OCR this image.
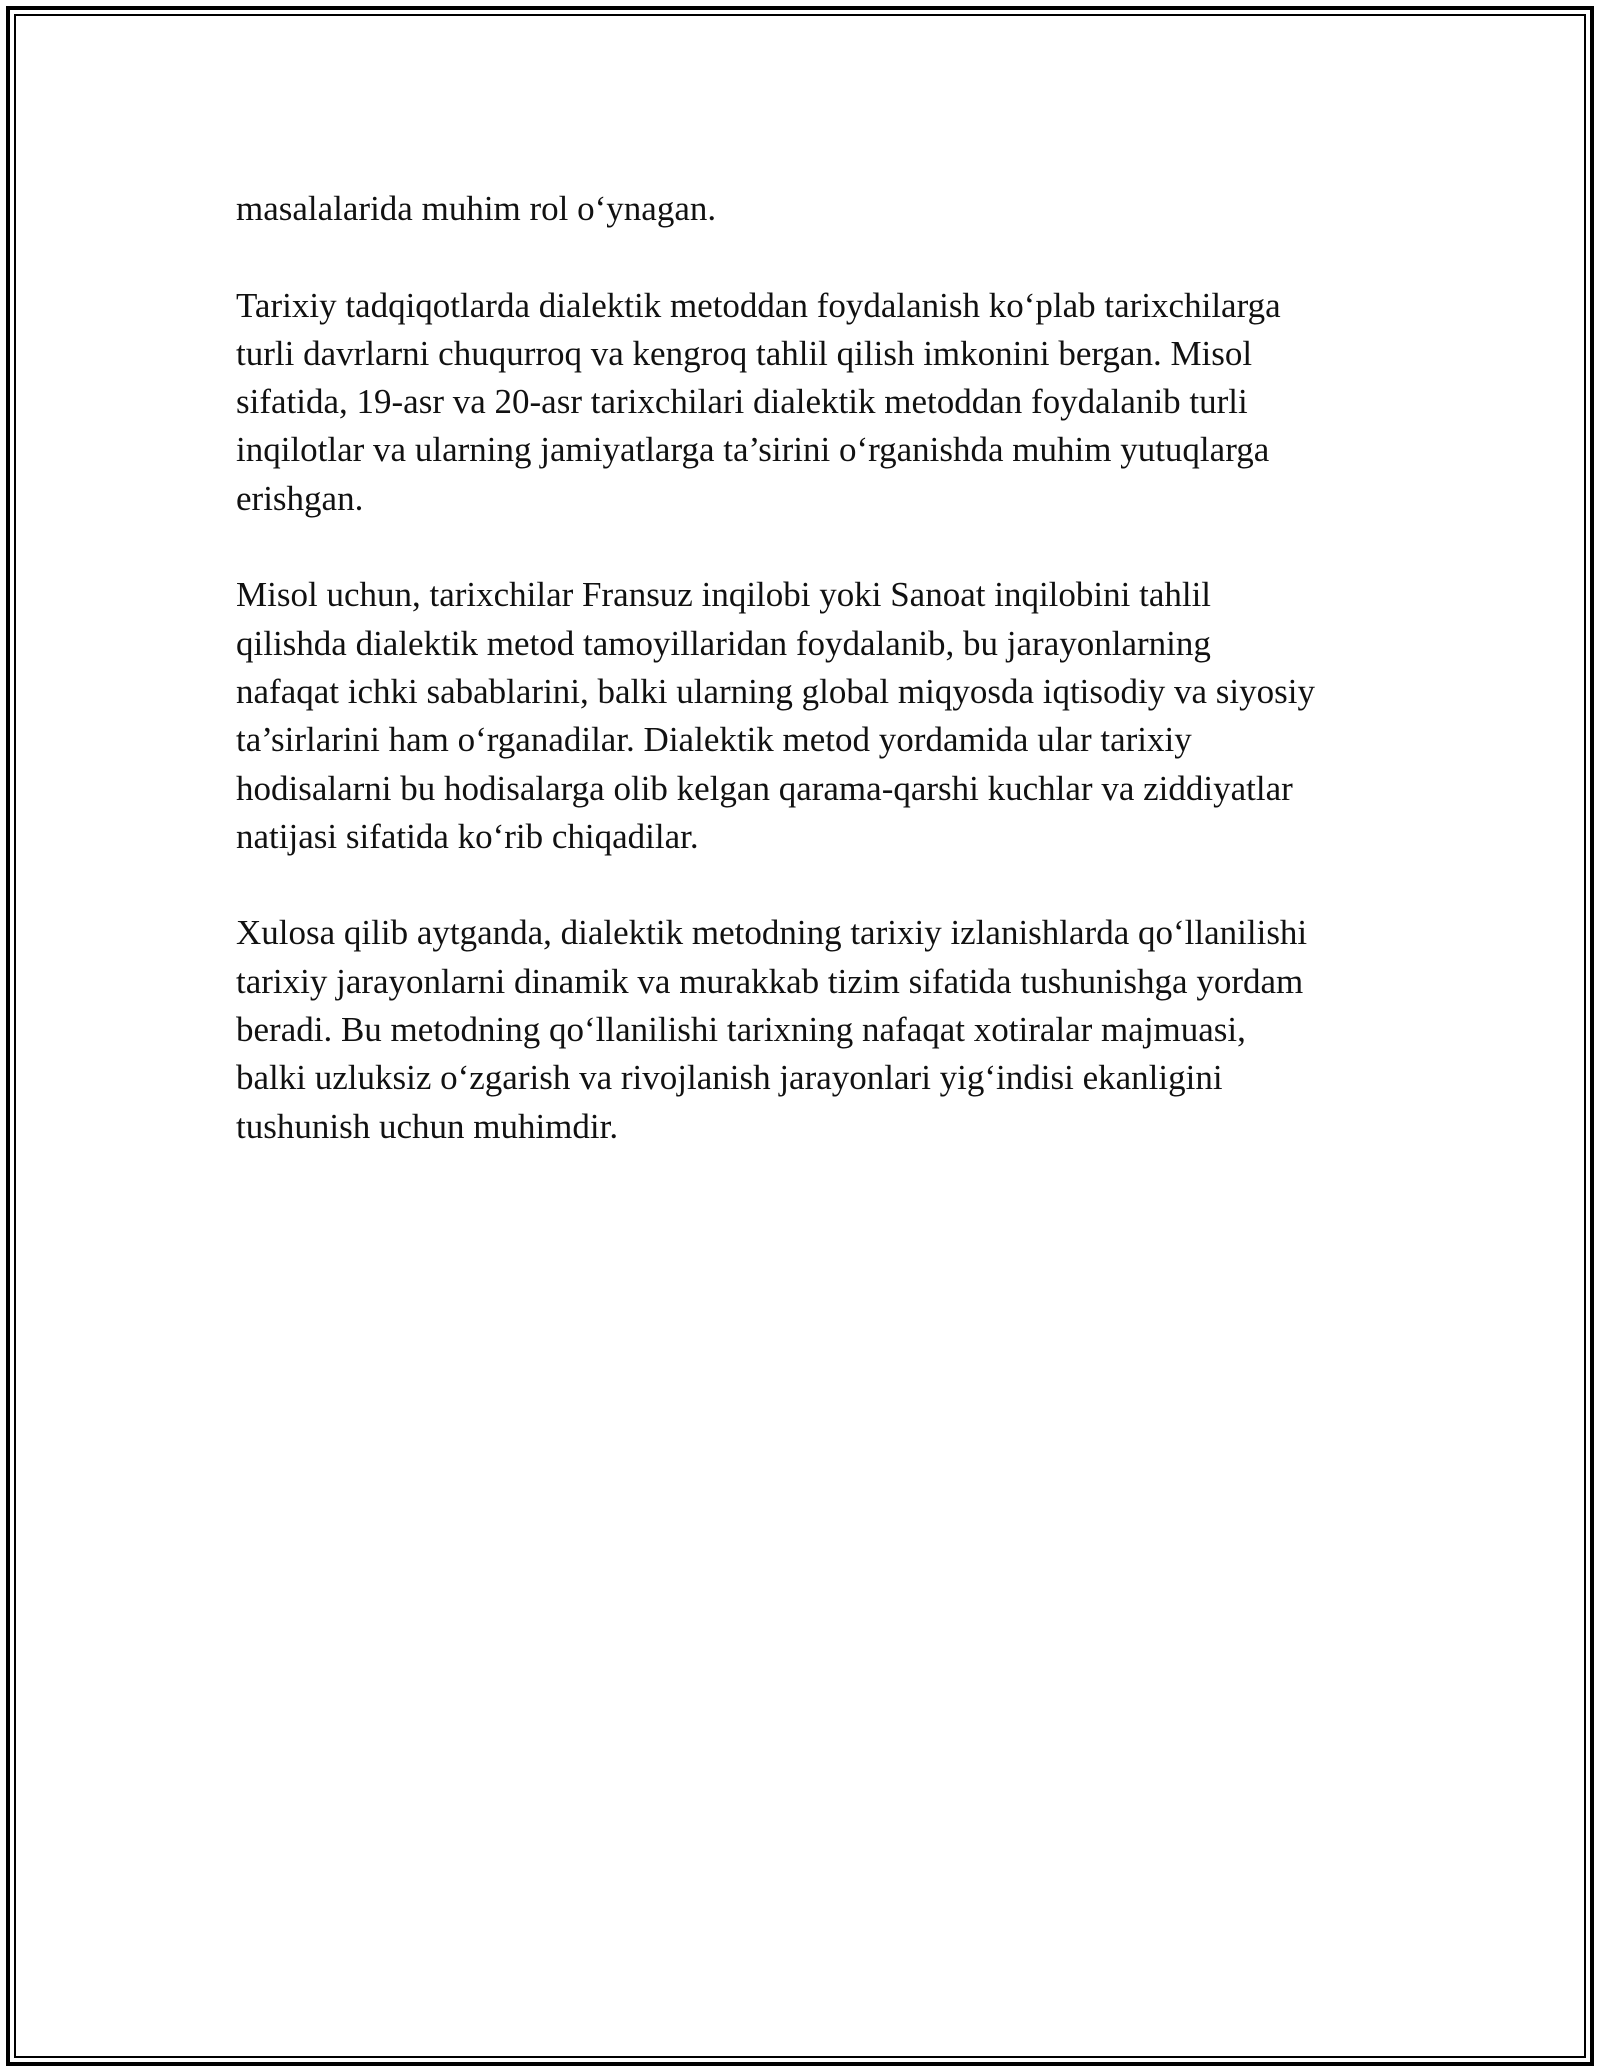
masalalarida muhim rol o‘ynagan.

Tarixiy tadqiqotlarda dialektik metoddan foydalanish ko‘plab tarixchilarga
turli davrlarni chuqurroq va kengroq tahlil qilish imkonini bergan. Misol
sifatida, 19-asr va 20-asr tarixchilari dialektik metoddan foydalanib turli
inqilotlar va ularning jamiyatlarga ta’sirini o‘rganishda muhim yutuqlarga
erishgan.

Misol uchun, tarixchilar Fransuz inqilobi yoki Sanoat inqilobini tahlil
qilishda dialektik metod tamoyillaridan foydalanib, bu jarayonlarning
nafaqat ichki sabablarini, balki ularning global miqyosda iqtisodiy va siyosiy
ta’sirlarini ham o‘rganadilar. Dialektik metod yordamida ular tarixiy
hodisalarni bu hodisalarga olib kelgan qarama-qarshi kuchlar va ziddiyatlar
natijasi sifatida ko‘rib chiqadilar.

Xulosa qilib aytganda, dialektik metodning tarixiy izlanishlarda qo‘llanilishi
tarixiy jarayonlarni dinamik va murakkab tizim sifatida tushunishga yordam
beradi. Bu metodning qo‘llanilishi tarixning nafaqat xotiralar majmuasi,
balki uzluksiz o‘zgarish va rivojlanish jarayonlari yig‘indisi ekanligini
tushunish uchun muhimdir.
